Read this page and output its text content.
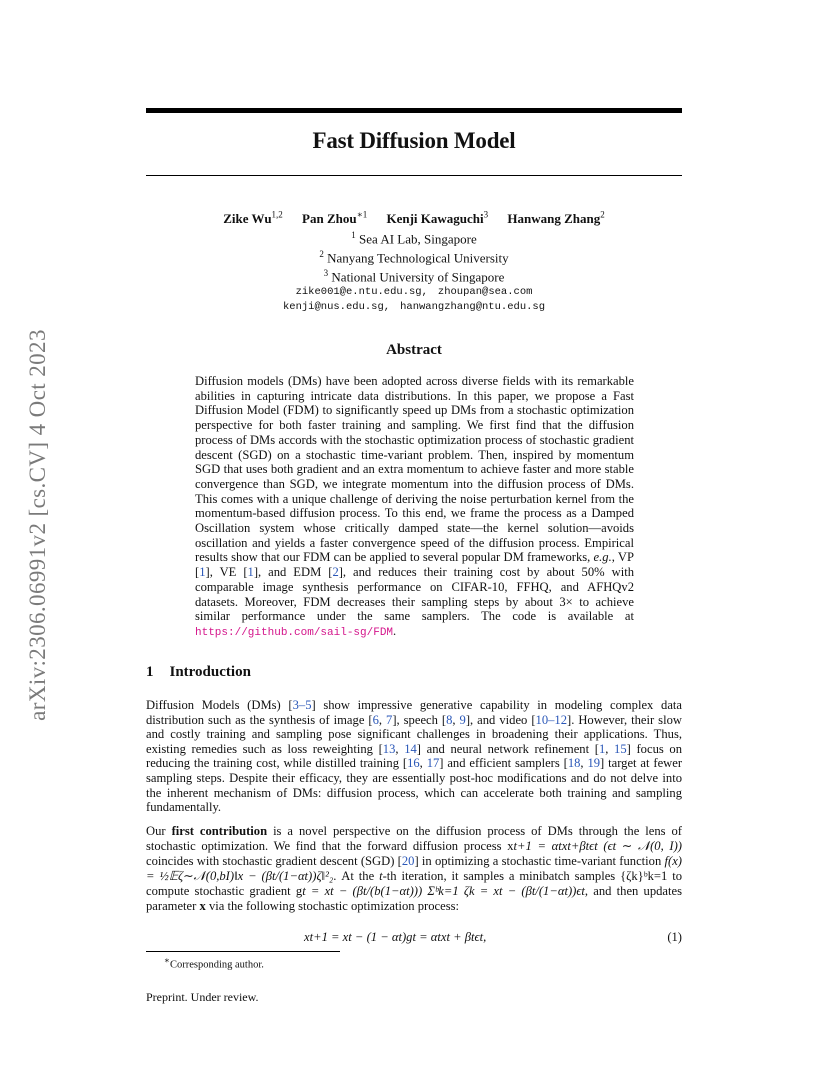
arXiv:2306.06991v2 [cs.CV] 4 Oct 2023
Fast Diffusion Model
Zike Wu$^{1,2}$ Pan Zhou$^{∗1}$ Kenji Kawaguchi$^3$ Hanwang Zhang$^2$
$^1$ Sea AI Lab, Singapore
$^2$ Nanyang Technological University
$^3$ National University of Singapore
zike001@e.ntu.edu.sg, zhoupan@sea.com
kenji@nus.edu.sg, hanwangzhang@ntu.edu.sg
Abstract
Diffusion models (DMs) have been adopted across diverse fields with its remarkable abilities in capturing intricate data distributions. In this paper, we propose a Fast Diffusion Model (FDM) to significantly speed up DMs from a stochastic optimization perspective for both faster training and sampling. We first find that the diffusion process of DMs accords with the stochastic optimization process of stochastic gradient descent (SGD) on a stochastic time-variant problem. Then, inspired by momentum SGD that uses both gradient and an extra momentum to achieve faster and more stable convergence than SGD, we integrate momentum into the diffusion process of DMs. This comes with a unique challenge of deriving the noise perturbation kernel from the momentum-based diffusion process. To this end, we frame the process as a Damped Oscillation system whose critically damped state—the kernel solution—avoids oscillation and yields a faster convergence speed of the diffusion process. Empirical results show that our FDM can be applied to several popular DM frameworks, e.g., VP [1], VE [1], and EDM [2], and reduces their training cost by about 50% with comparable image synthesis performance on CIFAR-10, FFHQ, and AFHQv2 datasets. Moreover, FDM decreases their sampling steps by about 3× to achieve similar performance under the same samplers. The code is available at https://github.com/sail-sg/FDM.
1 Introduction
Diffusion Models (DMs) [3–5] show impressive generative capability in modeling complex data distribution such as the synthesis of image [6, 7], speech [8, 9], and video [10–12]. However, their slow and costly training and sampling pose significant challenges in broadening their applications. Thus, existing remedies such as loss reweighting [13, 14] and neural network refinement [1, 15] focus on reducing the training cost, while distilled training [16, 17] and efficient samplers [18, 19] target at fewer sampling steps. Despite their efficacy, they are essentially post-hoc modifications and do not delve into the inherent mechanism of DMs: diffusion process, which can accelerate both training and sampling fundamentally.
Our first contribution is a novel perspective on the diffusion process of DMs through the lens of stochastic optimization. We find that the forward diffusion process xt+1 = αtxt+βtϵt (ϵt ∼ 𝒩(0, I)) coincides with stochastic gradient descent (SGD) [20] in optimizing a stochastic time-variant function f(x) = ½𝔼ζ∼𝒩(0,bI)‖x − (βt/(1−αt))ζ‖²₂. At the t-th iteration, it samples a minibatch samples {ζk}ᵇk=1 to compute stochastic gradient gt = xt − (βt/(b(1−αt))) Σᵇk=1 ζk = xt − (βt/(1−αt))ϵt, and then updates parameter x via the following stochastic optimization process:
xt+1 = xt − (1 − αt)gt = αtxt + βtϵt,	(1)
∗Corresponding author.
Preprint. Under review.
